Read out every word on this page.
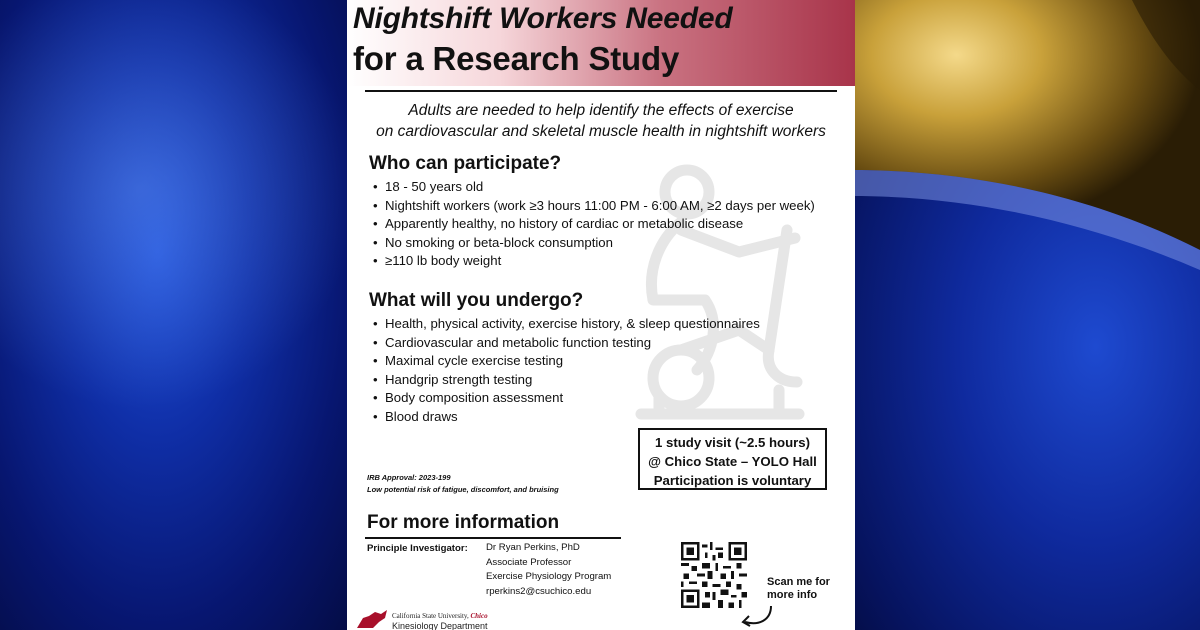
Nightshift Workers Needed
for a Research Study
Adults are needed to help identify the effects of exercise
on cardiovascular and skeletal muscle health in nightshift workers
Who can participate?
• 18 - 50 years old
• Nightshift workers (work ≥3 hours 11:00 PM - 6:00 AM, ≥2 days per week)
• Apparently healthy, no history of cardiac or metabolic disease
• No smoking or beta-block consumption
• ≥110 lb body weight
What will you undergo?
• Health, physical activity, exercise history, & sleep questionnaires
• Cardiovascular and metabolic function testing
• Maximal cycle exercise testing
• Handgrip strength testing
• Body composition assessment
• Blood draws
1 study visit (~2.5 hours)
@ Chico State – YOLO Hall
Participation is voluntary
IRB Approval: 2023-199
Low potential risk of fatigue, discomfort, and bruising
For more information
Principle Investigator: Dr Ryan Perkins, PhD
Associate Professor
Exercise Physiology Program
rperkins2@csuchico.edu
Scan me for
more info
California State University, Chico
Kinesiology Department
